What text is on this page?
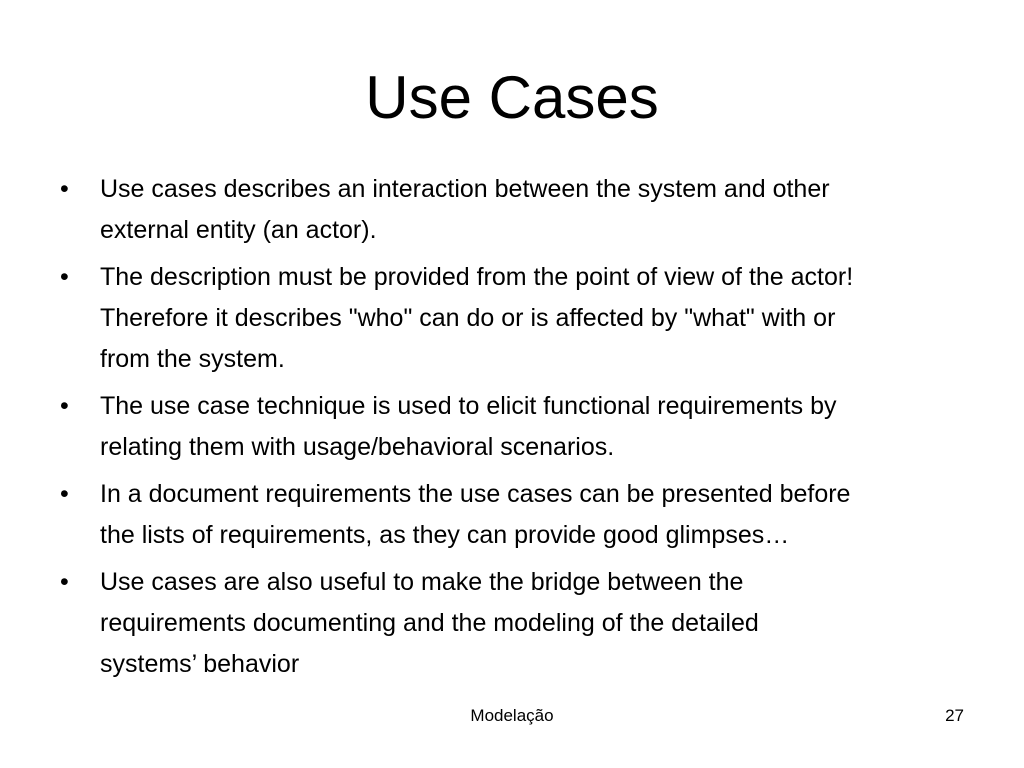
Use Cases
•	Use cases describes an interaction between the system and other
external entity (an actor).
•	The description must be provided from the point of view of the actor!
Therefore it describes "who" can do or is affected by "what" with or
from the system.
•	The use case technique is used to elicit functional requirements by
relating them with usage/behavioral scenarios.
•	In a document requirements the use cases can be presented before
the lists of requirements, as they can provide good glimpses…
•	Use cases are also useful to make the bridge between the
requirements documenting and the modeling of the detailed
systems’ behavior
Modelação	27
